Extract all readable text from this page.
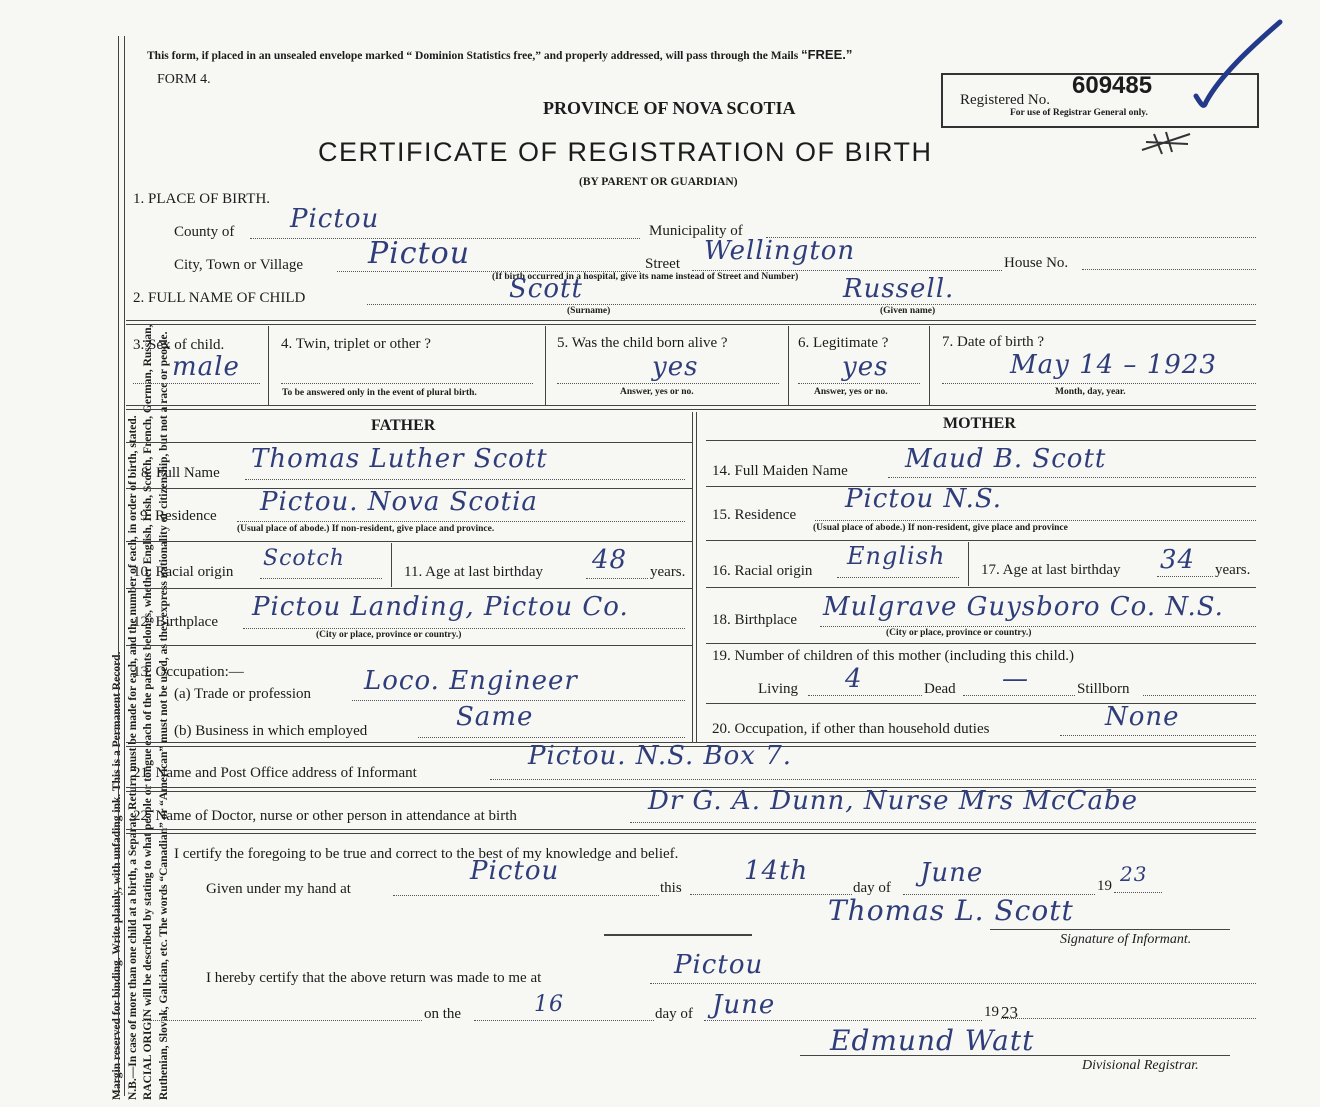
Margin reserved for binding. Write plainly, with unfading ink. This is a Permanent Record. N.B.—In case of more than one child at a birth, a Separate Return must be made for each, and the number of each, in order of birth, stated. RACIAL ORIGIN will be described by stating to what people or tongue each of the parents belongs, whether English, Irish, Scotch, French, German, Russian, Ruthenian, Slovak, Galician, etc. The words “Canadian” or “American” must not be used, as they express nationality or citizenship, but not a race or people.
This form, if placed in an unsealed envelope marked “ Dominion Statistics free,” and properly addressed, will pass through the Mails “FREE.”
FORM 4.
PROVINCE OF NOVA SCOTIA
CERTIFICATE OF REGISTRATION OF BIRTH
(BY PARENT OR GUARDIAN)
Registered No.
609485
For use of Registrar General only.
1. PLACE OF BIRTH.
County of Pictou	Municipality of
City, Town or Village Pictou	Street Wellington	House No.
(If birth occurred in a hospital, give its name instead of Street and Number)
2. FULL NAME OF CHILD	Scott	Russell.
(Surname)	(Given name)
3. Sex of child.
male
4. Twin, triplet or other ?
To be answered only in the event of plural birth.
5. Was the child born alive ?
yes
Answer, yes or no.
6. Legitimate ?
yes
Answer, yes or no.
7. Date of birth ?
May 14 – 1923
Month, day, year.
FATHER
8. Full Name Thomas Luther Scott
9. Residence Pictou. Nova Scotia
(Usual place of abode.) If non-resident, give place and province.
10. Racial origin
Scotch
11. Age at last birthday 48 years.
12. Birthplace Pictou Landing, Pictou Co.
(City or place, province or country.)
13. Occupation:—
(a) Trade or profession Loco. Engineer
(b) Business in which employed	Same
MOTHER
14. Full Maiden Name Maud B. Scott
15. Residence
Pictou N.S.
(Usual place of abode.) If non-resident, give place and province
16. Racial origin
English 17. Age at last birthday 34 years.
18. Birthplace Mulgrave Guysboro Co. N.S.
(City or place, province or country.)
19. Number of children of this mother (including this child.)
Living 4	Dead —	Stillborn
20. Occupation, if other than household duties	None
21. Name and Post Office address of Informant
Pictou. N.S. Box 7.
22. Name of Doctor, nurse or other person in attendance at birth	Dr G. A. Dunn, Nurse Mrs McCabe
I certify the foregoing to be true and correct to the best of my knowledge and belief.
Given under my hand at
Pictou
this
14th
day of June	19 23
Thomas L. Scott
Signature of Informant.
I hereby certify that the above return was made to me at	Pictou
on the	16	day of June	19 23
Edmund Watt
Divisional Registrar.
